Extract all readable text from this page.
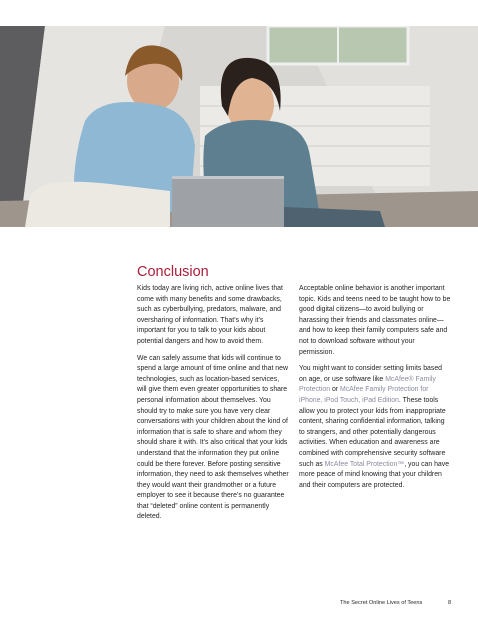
Conclusion

Kids today are living rich, active online lives that come with many benefits and some drawbacks, such as cyberbullying, predators, malware, and oversharing of information. That’s why it’s important for you to talk to your kids about potential dangers and how to avoid them.

We can safely assume that kids will continue to spend a large amount of time online and that new technologies, such as location-based services, will give them even greater opportunities to share personal information about themselves. You should try to make sure you have very clear conversations with your children about the kind of information that is safe to share and whom they should share it with. It’s also critical that your kids understand that the information they put online could be there forever. Before posting sensitive information, they need to ask themselves whether they would want their grandmother or a future employer to see it because there’s no guarantee that “deleted” online content is permanently deleted.

Acceptable online behavior is another important topic. Kids and teens need to be taught how to be good digital citizens—to avoid bullying or harassing their friends and classmates online—and how to keep their family computers safe and not to download software without your permission.

You might want to consider setting limits based on age, or use software like McAfee® Family Protection or McAfee Family Protection for iPhone, iPod Touch, iPad Edition. These tools allow you to protect your kids from inappropriate content, sharing confidential information, talking to strangers, and other potentially dangerous activities. When education and awareness are combined with comprehensive security software such as McAfee Total Protection™, you can have more peace of mind knowing that your children and their computers are protected.

The Secret Online Lives of Teens	8
